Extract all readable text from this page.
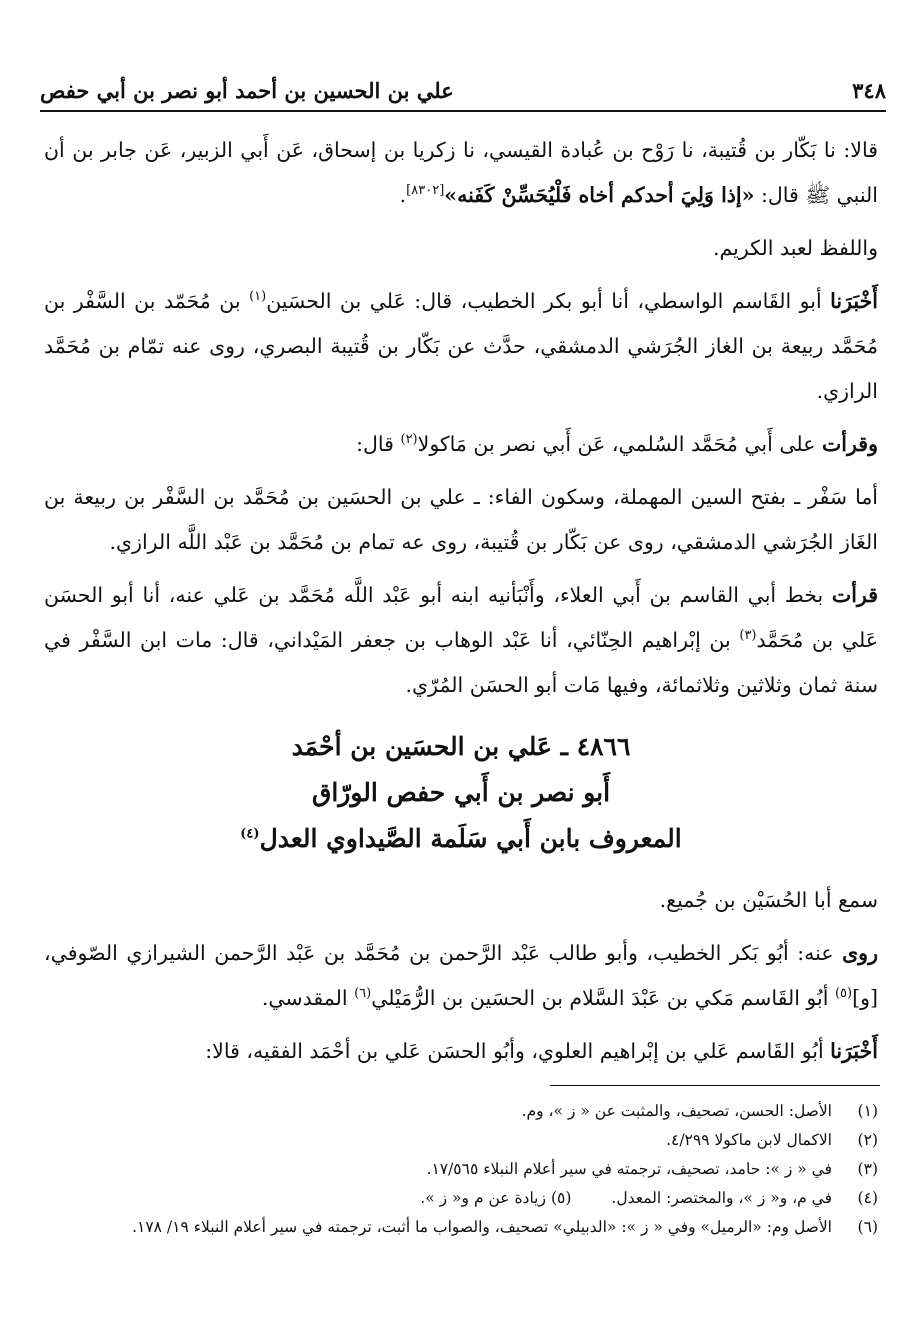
٣٤٨
علي بن الحسين بن أحمد أبو نصر بن أبي حفص

قالا: نا بَكّار بن قُتيبة، نا رَوْح بن عُبادة القيسي، نا زكريا بن إسحاق، عَن أَبي الزبير، عَن جابر بن أن النبي ﷺ قال: «إذا وَلِيَ أحدكم أخاه فَلْيُحَسِّنْ كَفَنه»[٨٣٠٢].

واللفظ لعبد الكريم.

أَخْبَرَنا أبو القَاسم الواسطي، أنا أبو بكر الخطيب، قال: عَلي بن الحسَين$^{(١)}$ بن مُحَمّد بن السَّفْر بن مُحَمَّد ربيعة بن الغاز الجُرَشي الدمشقي، حدَّث عن بَكّار بن قُتيبة البصري، روى عنه تمّام بن مُحَمَّد الرازي.

وقرأت على أَبي مُحَمَّد السُلمي، عَن أَبي نصر بن مَاكولا$^{(٢)}$ قال:

أما سَفْر ـ بفتح السين المهملة، وسكون الفاء: ـ علي بن الحسَين بن مُحَمَّد بن السَّفْر بن ربيعة بن الغَاز الجُرَشي الدمشقي، روى عن بَكّار بن قُتيبة، روى عه تمام بن مُحَمَّد بن عَبْد اللَّه الرازي.

قرأت بخط أبي القاسم بن أَبي العلاء، وأَنْبَأنيه ابنه أبو عَبْد اللَّه مُحَمَّد بن عَلي عنه، أنا أبو الحسَن عَلي بن مُحَمَّد$^{(٣)}$ بن إبْراهيم الحِنّائي، أنا عَبْد الوهاب بن جعفر المَيْداني، قال: مات ابن السَّفْر في سنة ثمان وثلاثين وثلاثمائة، وفيها مَات أبو الحسَن المُرّي.

٤٨٦٦ ـ عَلي بن الحسَين بن أحْمَد
أَبو نصر بن أَبي حفص الورّاق
المعروف بابن أَبي سَلَمة الصَّيداوي العدل$^{(٤)}$

سمع أبا الحُسَيْن بن جُميع.

روى عنه: أبُو بَكر الخطيب، وأبو طالب عَبْد الرَّحمن بن مُحَمَّد بن عَبْد الرَّحمن الشيرازي الصّوفي، [و]$^{(٥)}$ أبُو القَاسم مَكي بن عَبْدَ السَّلام بن الحسَين بن الرُّمَيْلي$^{(٦)}$ المقدسي.

أَخْبَرَنا أبُو القَاسم عَلي بن إبْراهيم العلوي، وأبُو الحسَن عَلي بن أحْمَد الفقيه، قالا:

(١)
الأصل: الحسن، تصحيف، والمثبت عن « ز »، وم.
(٢)
الاكمال لابن ماكولا ٤/٢٩٩.
(٣)
في « ز »: حامد، تصحيف، ترجمته في سير أعلام النبلاء ١٧/٥٦٥.
(٤)
في م، و« ز »، والمختصر: المعدل.
(٥) زيادة عن م و« ز ».
(٦)
الأصل وم: «الرميل» وفي « ز »: «الدبيلي» تصحيف، والصواب ما أثبت، ترجمته في سير أعلام النبلاء ١٩/ ١٧٨.
